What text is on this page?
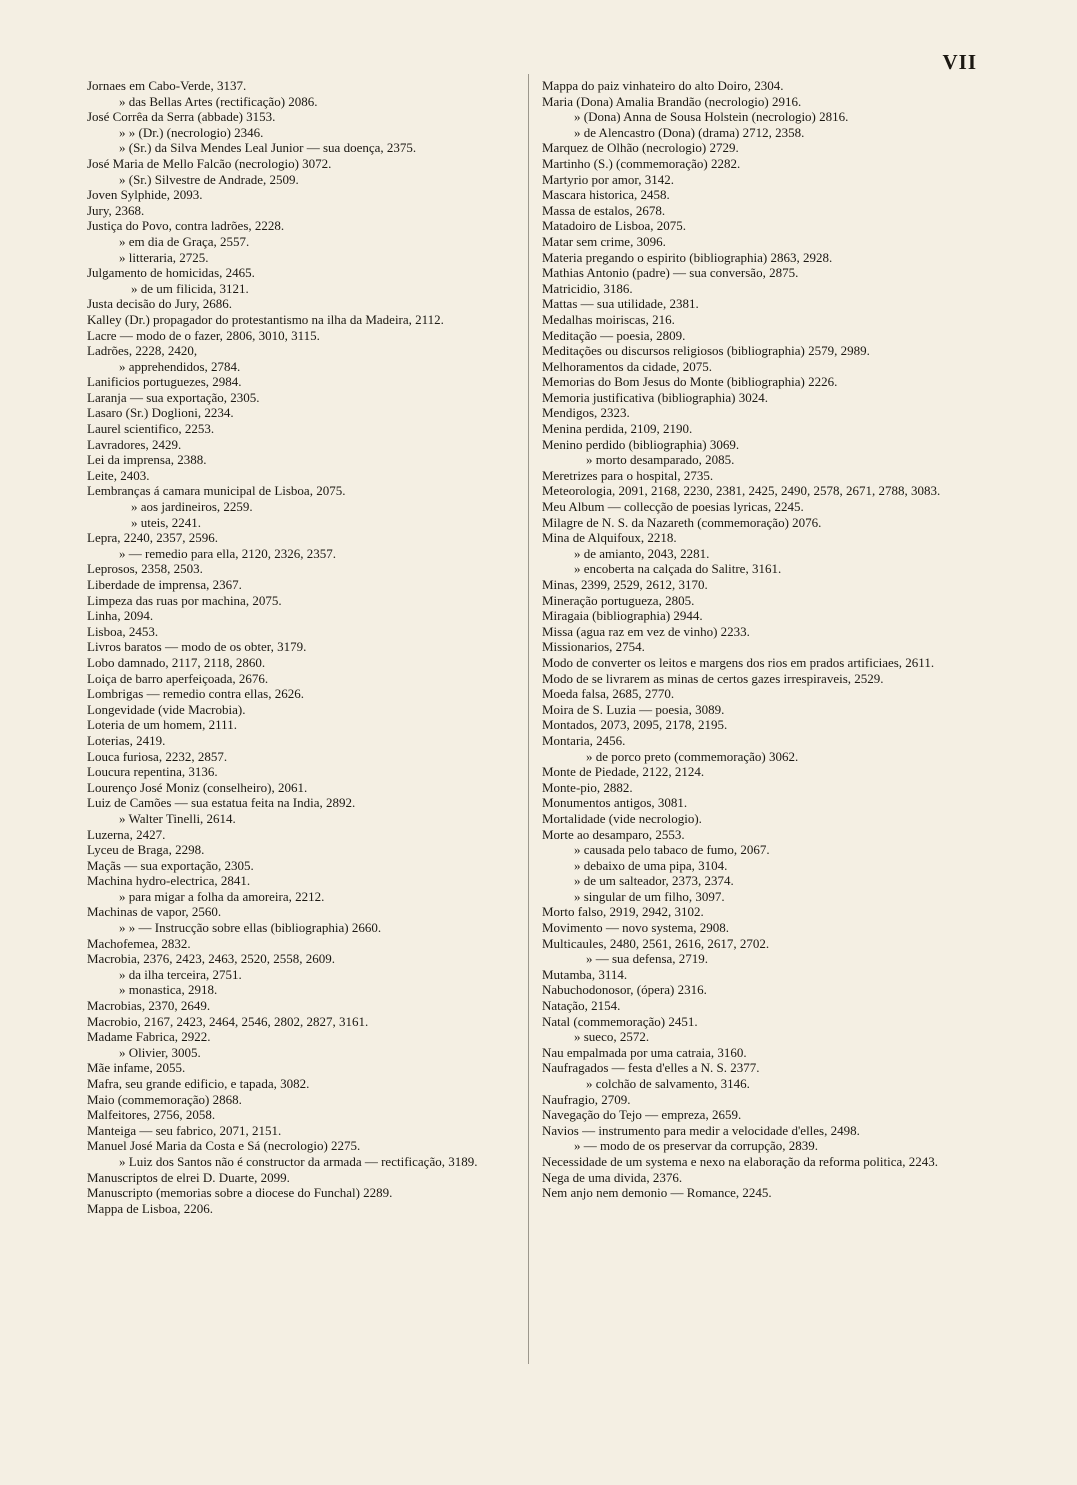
VII

Jornaes em Cabo-Verde, 3137.

» das Bellas Artes (rectificação) 2086.

José Corrêa da Serra (abbade) 3153.

» » (Dr.) (necrologio) 2346.

» (Sr.) da Silva Mendes Leal Junior — sua doença, 2375.

José Maria de Mello Falcão (necrologio) 3072.

» (Sr.) Silvestre de Andrade, 2509.

Joven Sylphide, 2093.

Jury, 2368.

Justiça do Povo, contra ladrões, 2228.

» em dia de Graça, 2557.

» litteraria, 2725.

Julgamento de homicidas, 2465.

» de um filicida, 3121.

Justa decisão do Jury, 2686.

Kalley (Dr.) propagador do protestantismo na ilha da Madeira, 2112.

Lacre — modo de o fazer, 2806, 3010, 3115.

Ladrões, 2228, 2420,

» apprehendidos, 2784.

Lanificios portuguezes, 2984.

Laranja — sua exportação, 2305.

Lasaro (Sr.) Doglioni, 2234.

Laurel scientifico, 2253.

Lavradores, 2429.

Lei da imprensa, 2388.

Leite, 2403.

Lembranças á camara municipal de Lisboa, 2075.

» aos jardineiros, 2259.

» uteis, 2241.

Lepra, 2240, 2357, 2596.

» — remedio para ella, 2120, 2326, 2357.

Leprosos, 2358, 2503.

Liberdade de imprensa, 2367.

Limpeza das ruas por machina, 2075.

Linha, 2094.

Lisboa, 2453.

Livros baratos — modo de os obter, 3179.

Lobo damnado, 2117, 2118, 2860.

Loiça de barro aperfeiçoada, 2676.

Lombrigas — remedio contra ellas, 2626.

Longevidade (vide Macrobia).

Loteria de um homem, 2111.

Loterias, 2419.

Louca furiosa, 2232, 2857.

Loucura repentina, 3136.

Lourenço José Moniz (conselheiro), 2061.

Luiz de Camões — sua estatua feita na India, 2892.

» Walter Tinelli, 2614.

Luzerna, 2427.

Lyceu de Braga, 2298.

Maçãs — sua exportação, 2305.

Machina hydro-electrica, 2841.

» para migar a folha da amoreira, 2212.

Machinas de vapor, 2560.

» » — Instrucção sobre ellas (bibliographia) 2660.

Machofemea, 2832.

Macrobia, 2376, 2423, 2463, 2520, 2558, 2609.

» da ilha terceira, 2751.

» monastica, 2918.

Macrobias, 2370, 2649.

Macrobio, 2167, 2423, 2464, 2546, 2802, 2827, 3161.

Madame Fabrica, 2922.

» Olivier, 3005.

Mãe infame, 2055.

Mafra, seu grande edificio, e tapada, 3082.

Maio (commemoração) 2868.

Malfeitores, 2756, 2058.

Manteiga — seu fabrico, 2071, 2151.

Manuel José Maria da Costa e Sá (necrologio) 2275.

» Luiz dos Santos não é constructor da armada — rectificação, 3189.

Manuscriptos de elrei D. Duarte, 2099.

Manuscripto (memorias sobre a diocese do Funchal) 2289.

Mappa de Lisboa, 2206.

Mappa do paiz vinhateiro do alto Doiro, 2304.

Maria (Dona) Amalia Brandão (necrologio) 2916.

» (Dona) Anna de Sousa Holstein (necrologio) 2816.

» de Alencastro (Dona) (drama) 2712, 2358.

Marquez de Olhão (necrologio) 2729.

Martinho (S.) (commemoração) 2282.

Martyrio por amor, 3142.

Mascara historica, 2458.

Massa de estalos, 2678.

Matadoiro de Lisboa, 2075.

Matar sem crime, 3096.

Materia pregando o espirito (bibliographia) 2863, 2928.

Mathias Antonio (padre) — sua conversão, 2875.

Matricidio, 3186.

Mattas — sua utilidade, 2381.

Medalhas moiriscas, 216.

Meditação — poesia, 2809.

Meditações ou discursos religiosos (bibliographia) 2579, 2989.

Melhoramentos da cidade, 2075.

Memorias do Bom Jesus do Monte (bibliographia) 2226.

Memoria justificativa (bibliographia) 3024.

Mendigos, 2323.

Menina perdida, 2109, 2190.

Menino perdido (bibliographia) 3069.

» morto desamparado, 2085.

Meretrizes para o hospital, 2735.

Meteorologia, 2091, 2168, 2230, 2381, 2425, 2490, 2578, 2671, 2788, 3083.

Meu Album — collecção de poesias lyricas, 2245.

Milagre de N. S. da Nazareth (commemoração) 2076.

Mina de Alquifoux, 2218.

» de amianto, 2043, 2281.

» encoberta na calçada do Salitre, 3161.

Minas, 2399, 2529, 2612, 3170.

Mineração portugueza, 2805.

Miragaia (bibliographia) 2944.

Missa (agua raz em vez de vinho) 2233.

Missionarios, 2754.

Modo de converter os leitos e margens dos rios em prados artificiaes, 2611.

Modo de se livrarem as minas de certos gazes irrespiraveis, 2529.

Moeda falsa, 2685, 2770.

Moira de S. Luzia — poesia, 3089.

Montados, 2073, 2095, 2178, 2195.

Montaria, 2456.

» de porco preto (commemoração) 3062.

Monte de Piedade, 2122, 2124.

Monte-pio, 2882.

Monumentos antigos, 3081.

Mortalidade (vide necrologio).

Morte ao desamparo, 2553.

» causada pelo tabaco de fumo, 2067.

» debaixo de uma pipa, 3104.

» de um salteador, 2373, 2374.

» singular de um filho, 3097.

Morto falso, 2919, 2942, 3102.

Movimento — novo systema, 2908.

Multicaules, 2480, 2561, 2616, 2617, 2702.

» — sua defensa, 2719.

Mutamba, 3114.

Nabuchodonosor, (ópera) 2316.

Natação, 2154.

Natal (commemoração) 2451.

» sueco, 2572.

Nau empalmada por uma catraia, 3160.

Naufragados — festa d'elles a N. S. 2377.

» colchão de salvamento, 3146.

Naufragio, 2709.

Navegação do Tejo — empreza, 2659.

Navios — instrumento para medir a velocidade d'elles, 2498.

» — modo de os preservar da corrupção, 2839.

Necessidade de um systema e nexo na elaboração da reforma politica, 2243.

Nega de uma divida, 2376.

Nem anjo nem demonio — Romance, 2245.
